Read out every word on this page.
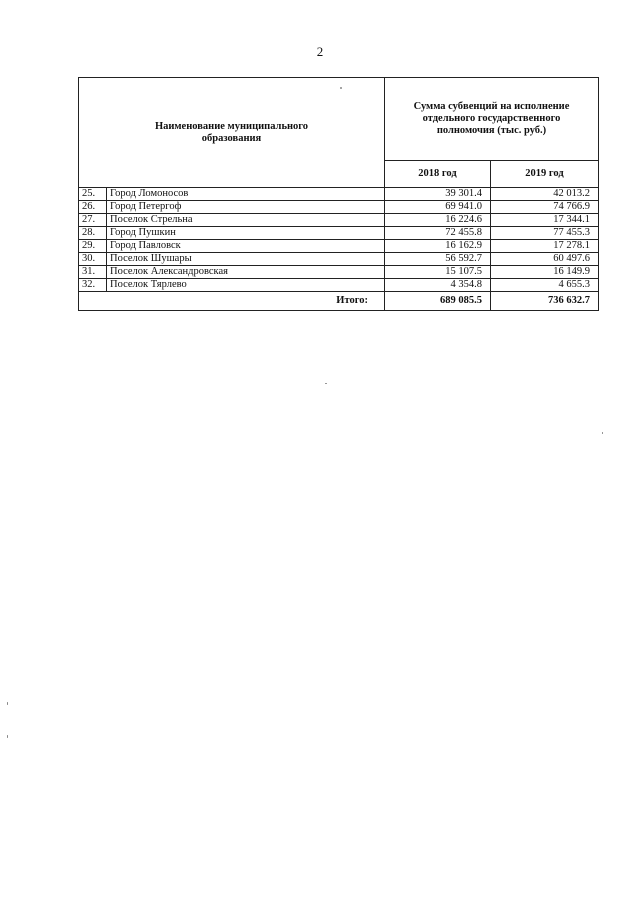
2
Наименование муниципального образования		Сумма субвенций на исполнение отдельного государственного полномочия (тыс. руб.)	

		2018 год	2019 год
25.	Город Ломоносов	39 301.4	42 013.2
26.	Город Петергоф	69 941.0	74 766.9
27.	Поселок Стрельна	16 224.6	17 344.1
28.	Город Пушкин	72 455.8	77 455.3
29.	Город Павловск	16 162.9	17 278.1
30.	Поселок Шушары	56 592.7	60 497.6
31.	Поселок Александровская	15 107.5	16 149.9
32.	Поселок Тярлево	4 354.8	4 655.3
Итого:		689 085.5	736 632.7
